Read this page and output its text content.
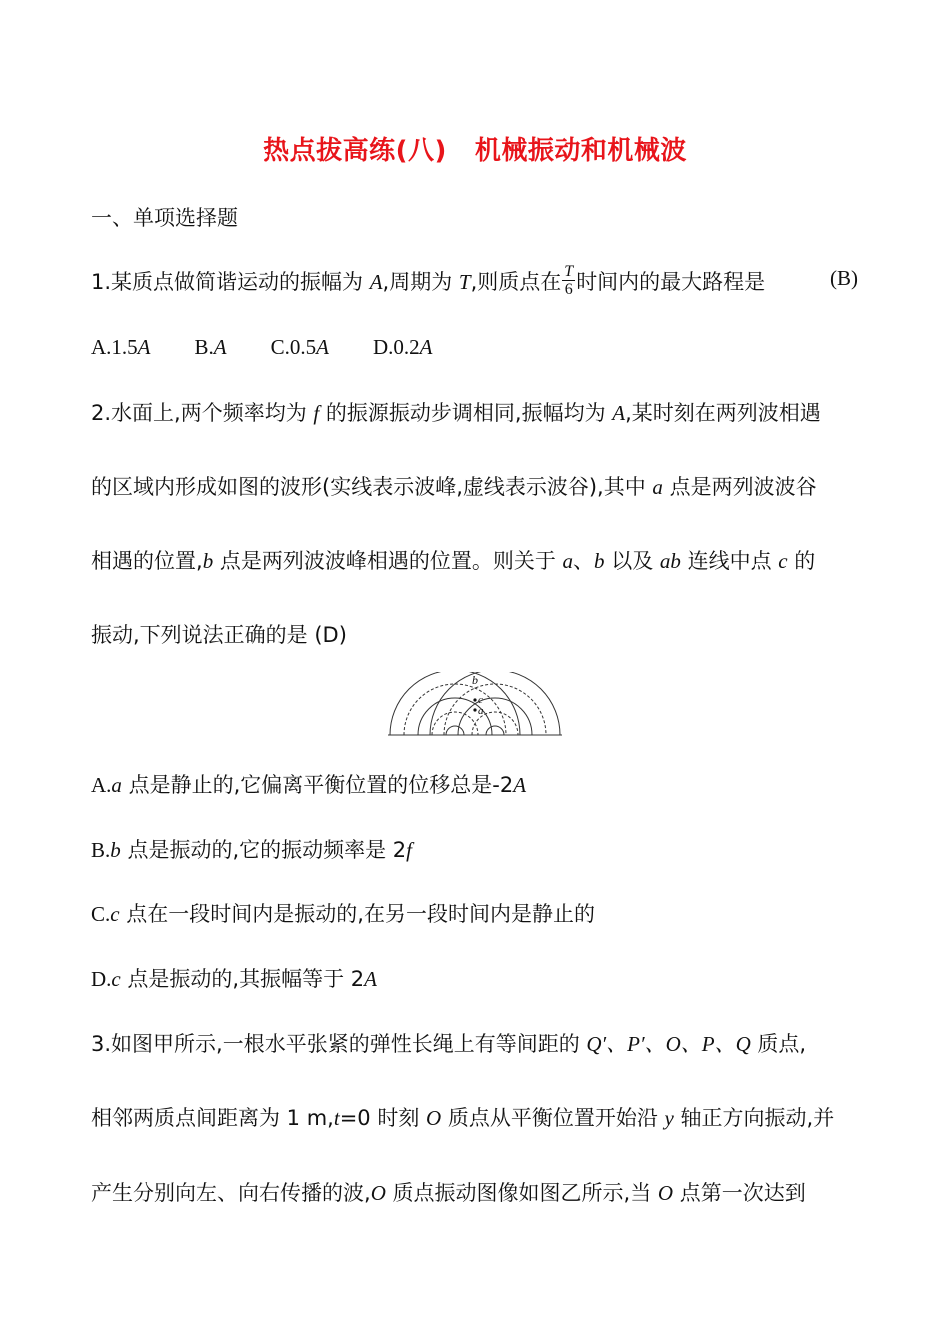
热点拔高练(八) 机械振动和机械波
一、单项选择题
1.某质点做简谐运动的振幅为 A,周期为 T,则质点在 $\frac{T}{6}$ 时间内的最大路程是	(B)
A.1.5A B.A C.0.5A D.0.2A
2.水面上,两个频率均为 f 的振源振动步调相同,振幅均为 A,某时刻在两列波相遇
的区域内形成如图的波形(实线表示波峰,虚线表示波谷),其中 a 点是两列波波谷
相遇的位置,b 点是两列波波峰相遇的位置。则关于 a、b 以及 ab 连线中点 c 的
振动,下列说法正确的是 (D)
b
c
a
A.a 点是静止的,它偏离平衡位置的位移总是-2A
B.b 点是振动的,它的振动频率是 2f
C.c 点在一段时间内是振动的,在另一段时间内是静止的
D.c 点是振动的,其振幅等于 2A
3.如图甲所示,一根水平张紧的弹性长绳上有等间距的 Q′、P′、O、P、Q 质点,
相邻两质点间距离为 1 m,t=0 时刻 O 质点从平衡位置开始沿 y 轴正方向振动,并
产生分别向左、向右传播的波,O 质点振动图像如图乙所示,当 O 点第一次达到
